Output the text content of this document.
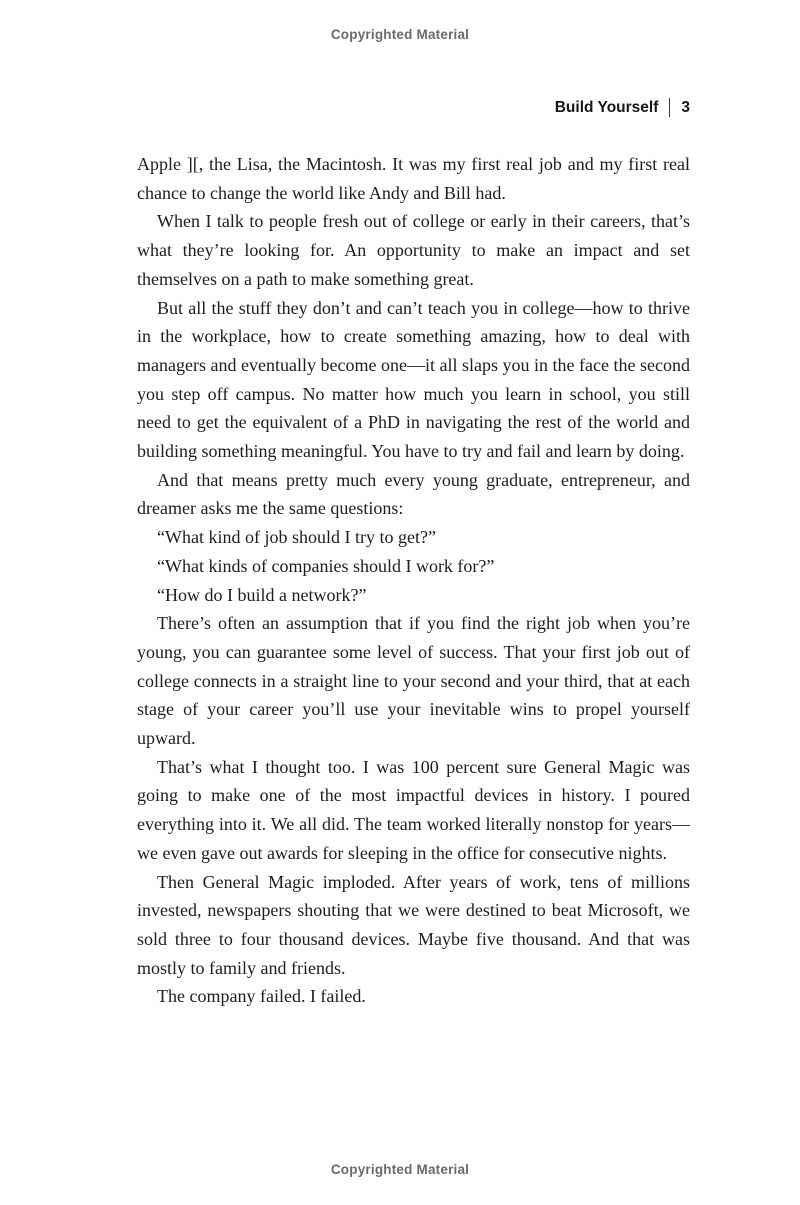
Copyrighted Material
Build Yourself 3

Apple ][, the Lisa, the Macintosh. It was my first real job and my first real chance to change the world like Andy and Bill had.

When I talk to people fresh out of college or early in their careers, that’s what they’re looking for. An opportunity to make an impact and set themselves on a path to make something great.

But all the stuff they don’t and can’t teach you in college—how to thrive in the workplace, how to create something amazing, how to deal with managers and eventually become one—it all slaps you in the face the second you step off campus. No matter how much you learn in school, you still need to get the equivalent of a PhD in navigating the rest of the world and building something meaningful. You have to try and fail and learn by doing.

And that means pretty much every young graduate, entrepreneur, and dreamer asks me the same questions:

“What kind of job should I try to get?”

“What kinds of companies should I work for?”

“How do I build a network?”

There’s often an assumption that if you find the right job when you’re young, you can guarantee some level of success. That your first job out of college connects in a straight line to your second and your third, that at each stage of your career you’ll use your inevitable wins to propel yourself upward.

That’s what I thought too. I was 100 percent sure General Magic was going to make one of the most impactful devices in history. I poured everything into it. We all did. The team worked literally nonstop for years—we even gave out awards for sleeping in the office for consecutive nights.

Then General Magic imploded. After years of work, tens of millions invested, newspapers shouting that we were destined to beat Microsoft, we sold three to four thousand devices. Maybe five thousand. And that was mostly to family and friends.

The company failed. I failed.

Copyrighted Material
